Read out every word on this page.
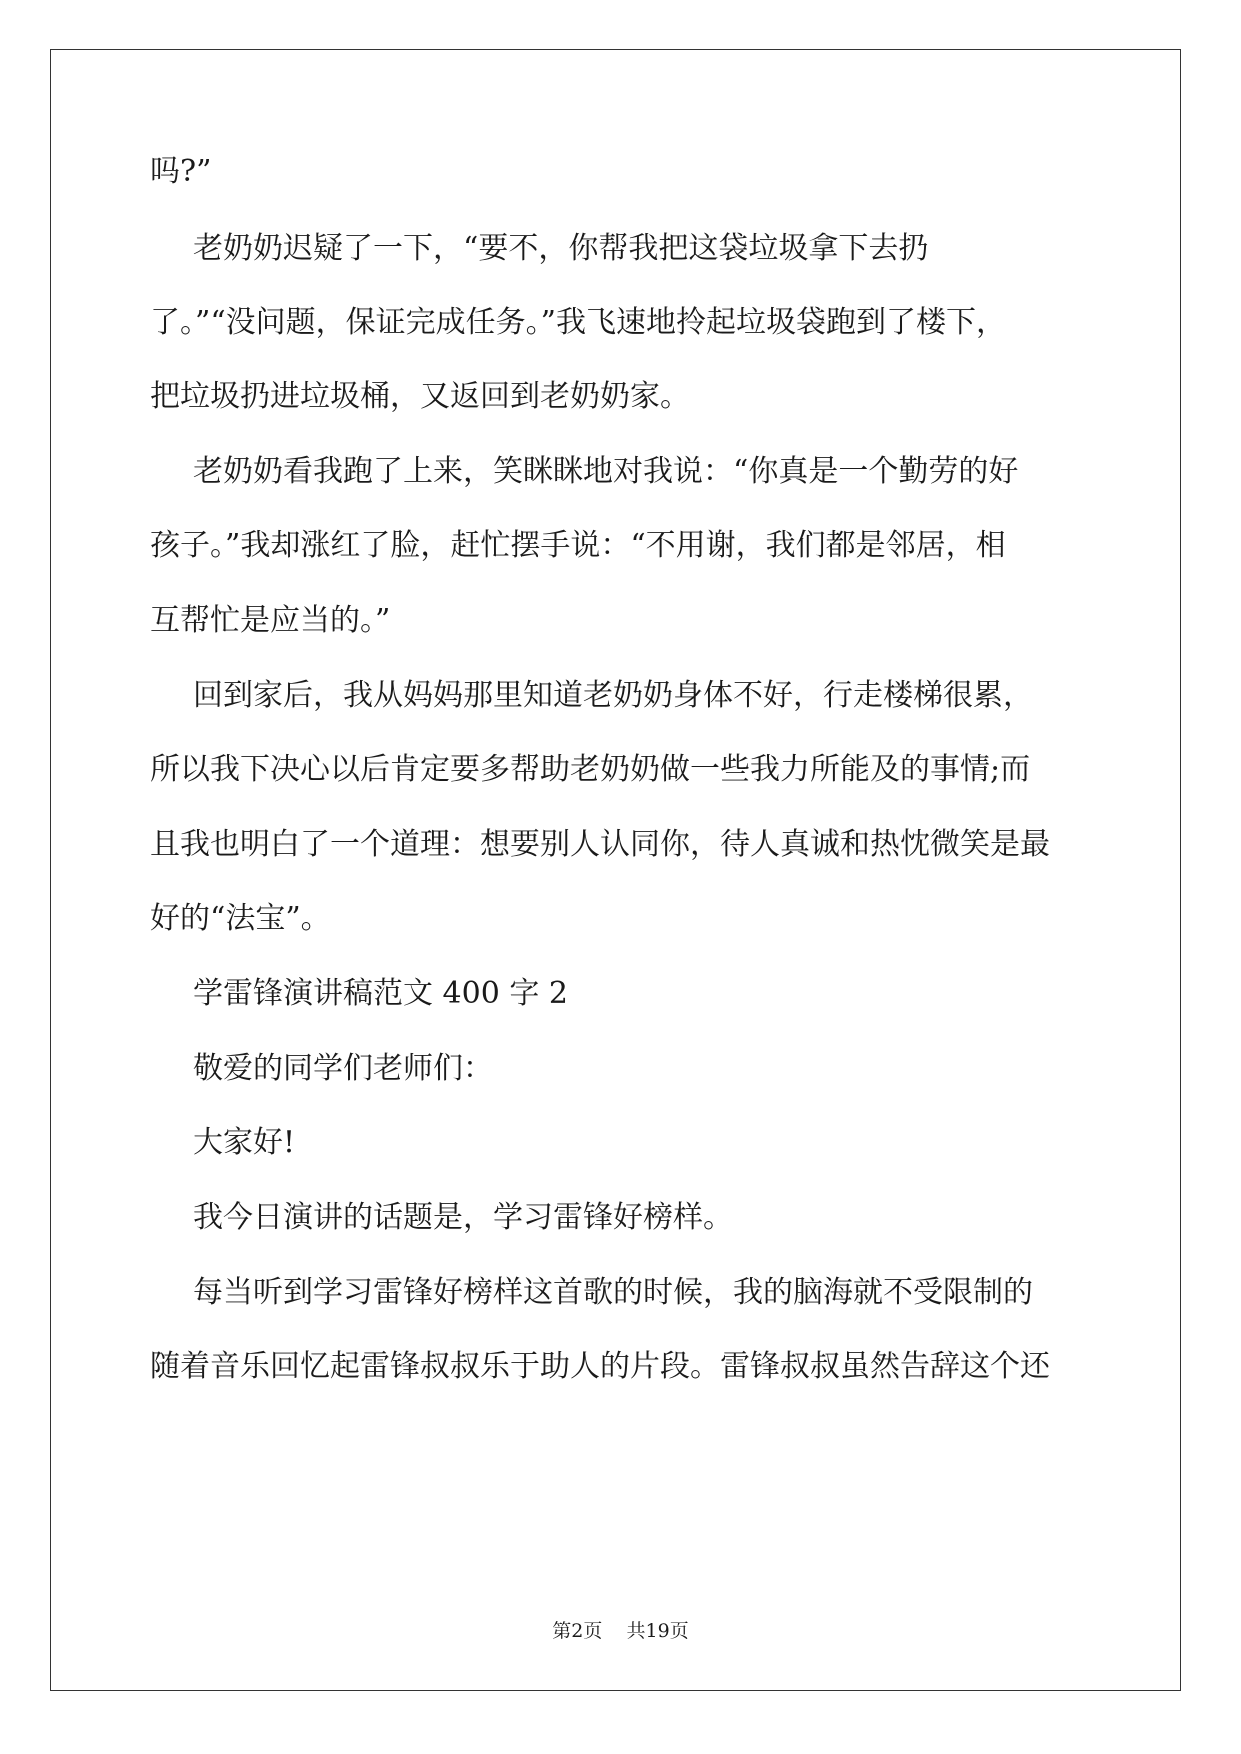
吗?”
老奶奶迟疑了一下，“要不，你帮我把这袋垃圾拿下去扔
了。”“没问题，保证完成任务。”我飞速地拎起垃圾袋跑到了楼下，
把垃圾扔进垃圾桶，又返回到老奶奶家。
老奶奶看我跑了上来，笑眯眯地对我说：“你真是一个勤劳的好
孩子。”我却涨红了脸，赶忙摆手说：“不用谢，我们都是邻居，相
互帮忙是应当的。”
回到家后，我从妈妈那里知道老奶奶身体不好，行走楼梯很累，
所以我下决心以后肯定要多帮助老奶奶做一些我力所能及的事情;而
且我也明白了一个道理：想要别人认同你，待人真诚和热忱微笑是最
好的“法宝”。
学雷锋演讲稿范文 400 字 2
敬爱的同学们老师们：
大家好!
我今日演讲的话题是，学习雷锋好榜样。
每当听到学习雷锋好榜样这首歌的时候，我的脑海就不受限制的
随着音乐回忆起雷锋叔叔乐于助人的片段。雷锋叔叔虽然告辞这个还
第2页    共19页
